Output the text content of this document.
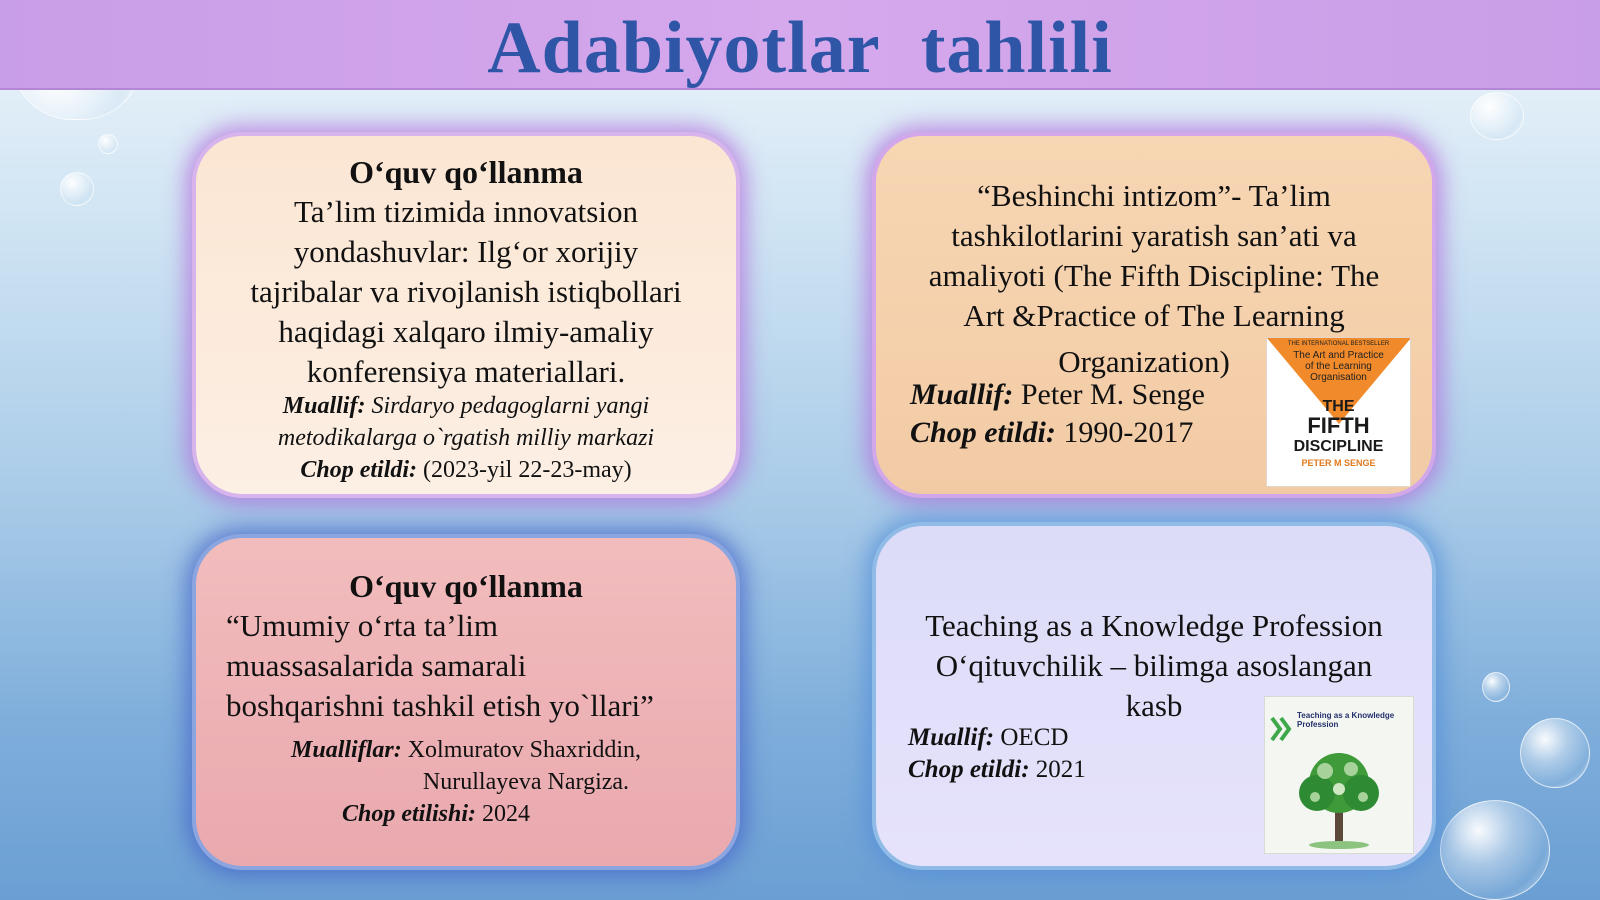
Adabiyotlar tahlili
O‘quv qo‘llanma
Ta’lim tizimida innovatsion
yondashuvlar: Ilg‘or xorijiy
tajribalar va rivojlanish istiqbollari
haqidagi xalqaro ilmiy-amaliy
konferensiya materiallari.
Muallif: Sirdaryo pedagoglarni yangi
metodikalarga o`rgatish milliy markazi
Chop etildi: (2023-yil 22-23-may)
“Beshinchi intizom”- Ta’lim
tashkilotlarini yaratish san’ati va
amaliyoti (The Fifth Discipline: The
Art &Practice of The Learning
Organization)
Muallif: Peter M. Senge
Chop etildi: 1990-2017
THE INTERNATIONAL BESTSELLER
The Art and Practice
of the Learning
Organisation
THE
FIFTH
DISCIPLINE
PETER M SENGE
O‘quv qo‘llanma
“Umumiy o‘rta ta’lim
muassasalarida samarali
boshqarishni tashkil etish yo`llari”
Mualliflar: Xolmuratov Shaxriddin,
Nurullayeva Nargiza.
Chop etilishi: 2024
Teaching as a Knowledge Profession
O‘qituvchilik – bilimga asoslangan
kasb
Muallif: OECD
Chop etildi: 2021
Teaching as a Knowledge Profession
